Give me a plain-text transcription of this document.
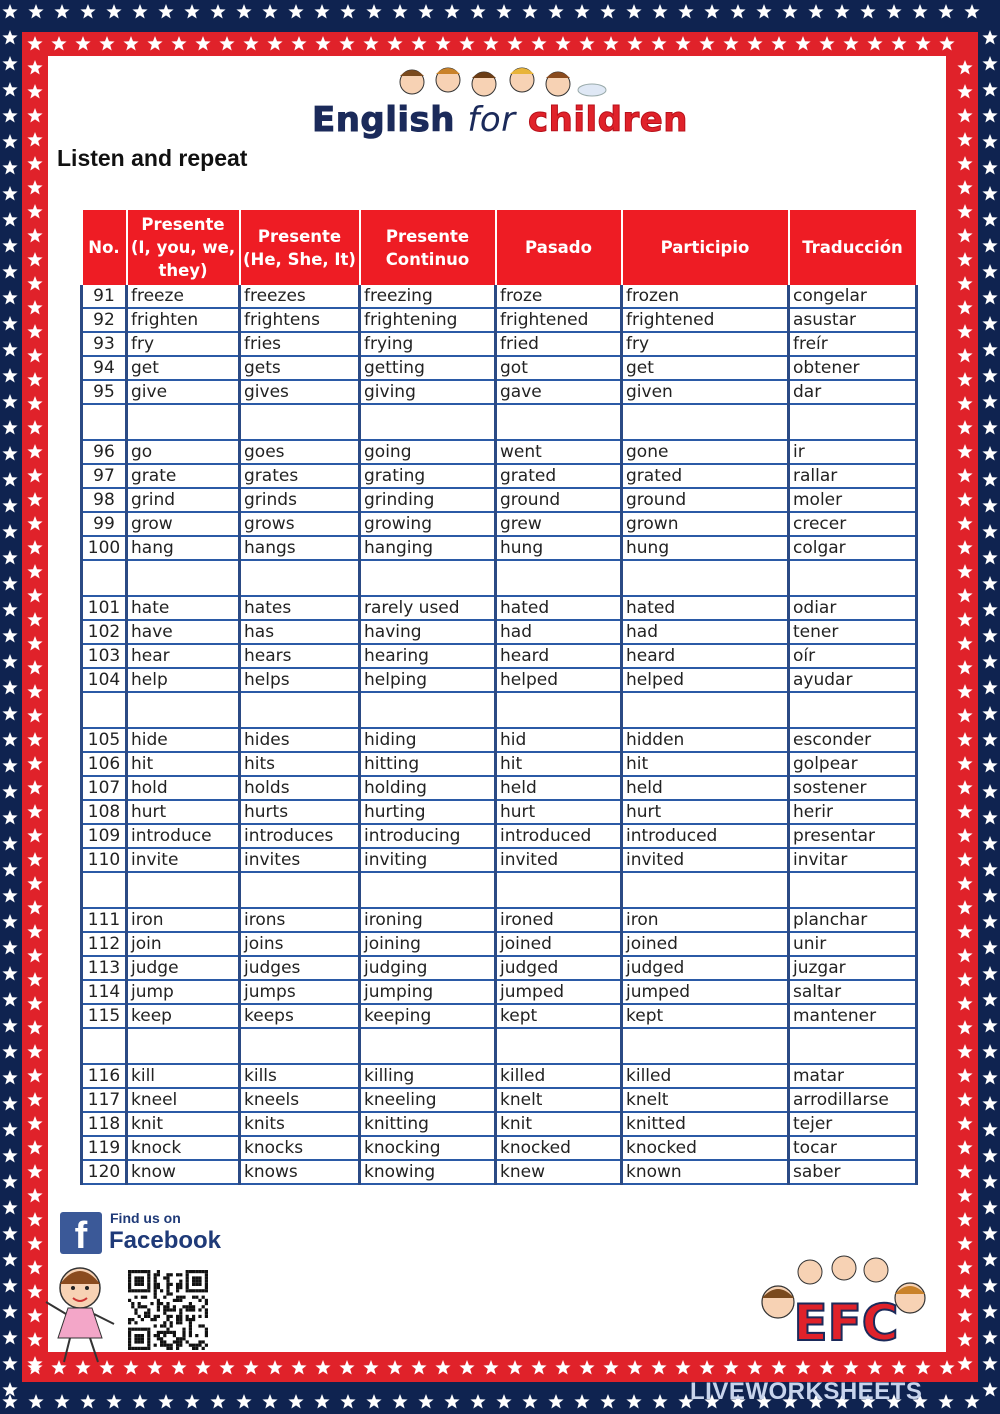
English for children
Listen and repeat
No.	Presente (I, you, we, they)	Presente (He, She, It)	Presente Continuo	Pasado	Participio	Traducción
91	freeze	freezes	freezing	froze	frozen	congelar
92	frighten	frightens	frightening	frightened	frightened	asustar
93	fry	fries	frying	fried	fry	freír
94	get	gets	getting	got	get	obtener
95	give	gives	giving	gave	given	dar

96	go	goes	going	went	gone	ir
97	grate	grates	grating	grated	grated	rallar
98	grind	grinds	grinding	ground	ground	moler
99	grow	grows	growing	grew	grown	crecer
100	hang	hangs	hanging	hung	hung	colgar

101	hate	hates	rarely used	hated	hated	odiar
102	have	has	having	had	had	tener
103	hear	hears	hearing	heard	heard	oír
104	help	helps	helping	helped	helped	ayudar

105	hide	hides	hiding	hid	hidden	esconder
106	hit	hits	hitting	hit	hit	golpear
107	hold	holds	holding	held	held	sostener
108	hurt	hurts	hurting	hurt	hurt	herir
109	introduce	introduces	introducing	introduced	introduced	presentar
110	invite	invites	inviting	invited	invited	invitar

111	iron	irons	ironing	ironed	iron	planchar
112	join	joins	joining	joined	joined	unir
113	judge	judges	judging	judged	judged	juzgar
114	jump	jumps	jumping	jumped	jumped	saltar
115	keep	keeps	keeping	kept	kept	mantener

116	kill	kills	killing	killed	killed	matar
117	kneel	kneels	kneeling	knelt	knelt	arrodillarse
118	knit	knits	knitting	knit	knitted	tejer
119	knock	knocks	knocking	knocked	knocked	tocar
120	know	knows	knowing	knew	known	saber
f	Find us on
Facebook
EFC
LIVEWORKSHEETS
